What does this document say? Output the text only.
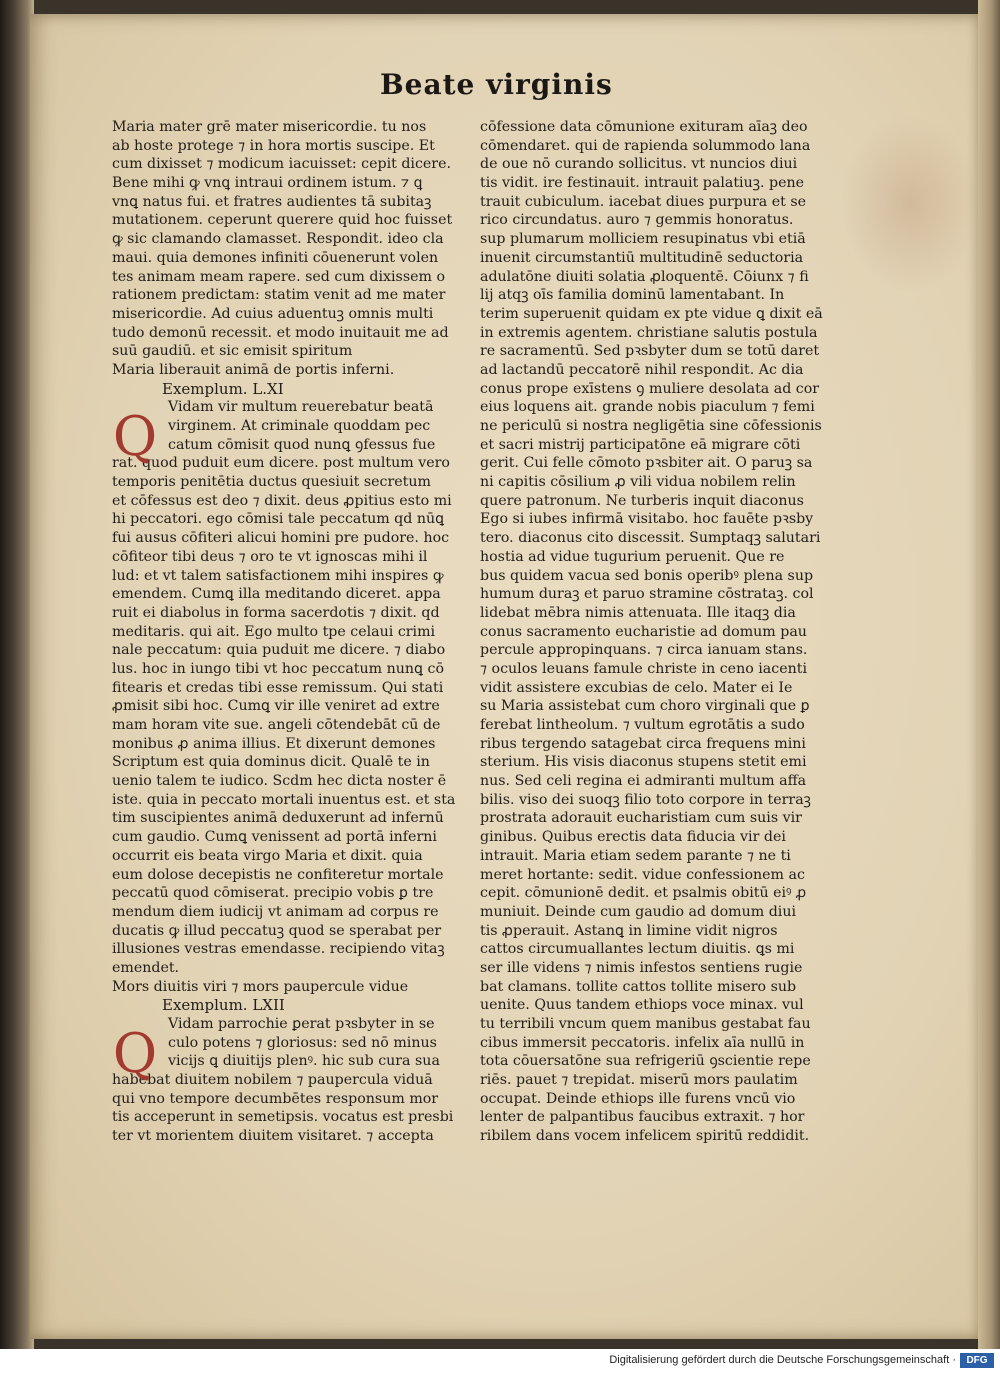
Beate virginis
Maria mater grē mater misericordie. tu nos
ab hoste protege ⁊ in hora mortis suscipe. Et
cum dixisset ⁊ modicum iacuisset: cepit dicere.
Bene mihi ꝙ vnꝗ intraui ordinem istum. ⁊ ꝗ
vnꝗ natus fui. et fratres audientes tā subitaꝫ
mutationem. ceperunt querere quid hoc fuisset
ꝙ sic clamando clamasset. Respondit. ideo cla
maui. quia demones infiniti cōuenerunt volen
tes animam meam rapere. sed cum dixissem o
rationem predictam: statim venit ad me mater
misericordie. Ad cuius aduentuꝫ omnis multi
tudo demonū recessit. et modo inuitauit me ad
suū gaudiū. et sic emisit spiritum
Maria liberauit animā de portis inferni.
Exemplum. L.XI
Vidam vir multum reuerebatur beatā
virginem. At criminale quoddam pec
catum cōmisit quod nunꝗ ꝯfessus fue
rat. quod puduit eum dicere. post multum vero
temporis penitētia ductus quesiuit secretum
et cōfessus est deo ⁊ dixit. deus ꝓpitius esto mi
hi peccatori. ego cōmisi tale peccatum qd nūꝗ
fui ausus cōfiteri alicui homini pre pudore. hoc
cōfiteor tibi deus ⁊ oro te vt ignoscas mihi il
lud: et vt talem satisfactionem mihi inspires ꝙ
emendem. Cumꝗ illa meditando diceret. appa
ruit ei diabolus in forma sacerdotis ⁊ dixit. qd
meditaris. qui ait. Ego multo tpe celaui crimi
nale peccatum: quia puduit me dicere. ⁊ diabo
lus. hoc in iungo tibi vt hoc peccatum nunꝗ cō
fitearis et credas tibi esse remissum. Qui stati
ꝓmisit sibi hoc. Cumꝗ vir ille veniret ad extre
mam horam vite sue. angeli cōtendebāt cū de
monibus ꝓ anima illius. Et dixerunt demones
Scriptum est quia dominus dicit. Qualē te in
uenio talem te iudico. Scdm hec dicta noster ē
iste. quia in peccato mortali inuentus est. et sta
tim suscipientes animā deduxerunt ad infernū
cum gaudio. Cumꝗ venissent ad portā inferni
occurrit eis beata virgo Maria et dixit. quia
eum dolose decepistis ne confiteretur mortale
peccatū quod cōmiserat. precipio vobis ꝑ tre
mendum diem iudicij vt animam ad corpus re
ducatis ꝙ illud peccatuꝫ quod se sperabat per
illusiones vestras emendasse. recipiendo vitaꝫ
emendet.
Mors diuitis viri ⁊ mors paupercule vidue
Exemplum. LXII
Vidam parrochie ꝑerat pꝛsbyter in se
culo potens ⁊ gloriosus: sed nō minus
vicijs ꝗ diuitijs plenꝰ. hic sub cura sua
habebat diuitem nobilem ⁊ paupercula viduā
qui vno tempore decumbētes responsum mor
tis acceperunt in semetipsis. vocatus est presbi
ter vt morientem diuitem visitaret. ⁊ accepta
cōfessione data cōmunione exituram aīaꝫ deo
cōmendaret. qui de rapienda solummodo lana
de oue nō curando sollicitus. vt nuncios diui
tis vidit. ire festinauit. intrauit palatiuꝫ. pene
trauit cubiculum. iacebat diues purpura et se
rico circundatus. auro ⁊ gemmis honoratus.
sup plumarum molliciem resupinatus vbi etiā
inuenit circumstantiū multitudinē seductoria
adulatōne diuiti solatia ꝓloquentē. Cōiunx ⁊ fi
lij atqꝫ oīs familia dominū lamentabant. In
terim superuenit quidam ex pte vidue ꝗ dixit eā
in extremis agentem. christiane salutis postula
re sacramentū. Sed pꝛsbyter dum se totū daret
ad lactandū peccatorē nihil respondit. Ac dia
conus prope exīstens ꝯ muliere desolata ad cor
eius loquens ait. grande nobis piaculum ⁊ femi
ne periculū si nostra negligētia sine cōfessionis
et sacri mistrij participatōne eā migrare cōti
gerit. Cui felle cōmoto pꝛsbiter ait. O paruꝫ sa
ni capitis cōsilium ꝓ vili vidua nobilem relin
quere patronum. Ne turberis inquit diaconus
Ego si iubes infirmā visitabo. hoc fauēte pꝛsby
tero. diaconus cito discessit. Sumptaqꝫ salutari
hostia ad vidue tugurium peruenit. Que re
bus quidem vacua sed bonis operibꝰ plena sup
humum duraꝫ et paruo stramine cōstrataꝫ. col
lidebat mēbra nimis attenuata. Ille itaqꝫ dia
conus sacramento eucharistie ad domum pau
percule appropinquans. ⁊ circa ianuam stans.
⁊ oculos leuans famule christe in ceno iacenti
vidit assistere excubias de celo. Mater ei Ie
su Maria assistebat cum choro virginali que ꝑ
ferebat lintheolum. ⁊ vultum egrotātis a sudo
ribus tergendo satagebat circa frequens mini
sterium. His visis diaconus stupens stetit emi
nus. Sed celi regina ei admiranti multum affa
bilis. viso dei suoqꝫ filio toto corpore in terraꝫ
prostrata adorauit eucharistiam cum suis vir
ginibus. Quibus erectis data fiducia vir dei
intrauit. Maria etiam sedem parante ⁊ ne ti
meret hortante: sedit. vidue confessionem ac
cepit. cōmunionē dedit. et psalmis obitū eiꝰ ꝓ
muniuit. Deinde cum gaudio ad domum diui
tis ꝓperauit. Astanꝗ in limine vidit nigros
cattos circumuallantes lectum diuitis. ꝗs mi
ser ille videns ⁊ nimis infestos sentiens rugie
bat clamans. tollite cattos tollite misero sub
uenite. Quus tandem ethiops voce minax. vul
tu terribili vncum quem manibus gestabat fau
cibus immersit peccatoris. infelix aīa nullū in
tota cōuersatōne sua refrigeriū ꝯscientie repe
riēs. pauet ⁊ trepidat. miserū mors paulatim
occupat. Deinde ethiops ille furens vncū vio
lenter de palpantibus faucibus extraxit. ⁊ hor
ribilem dans vocem infelicem spiritū reddidit.
Q
Q
Digitalisierung gefördert durch die Deutsche Forschungsgemeinschaft ·	DFG
